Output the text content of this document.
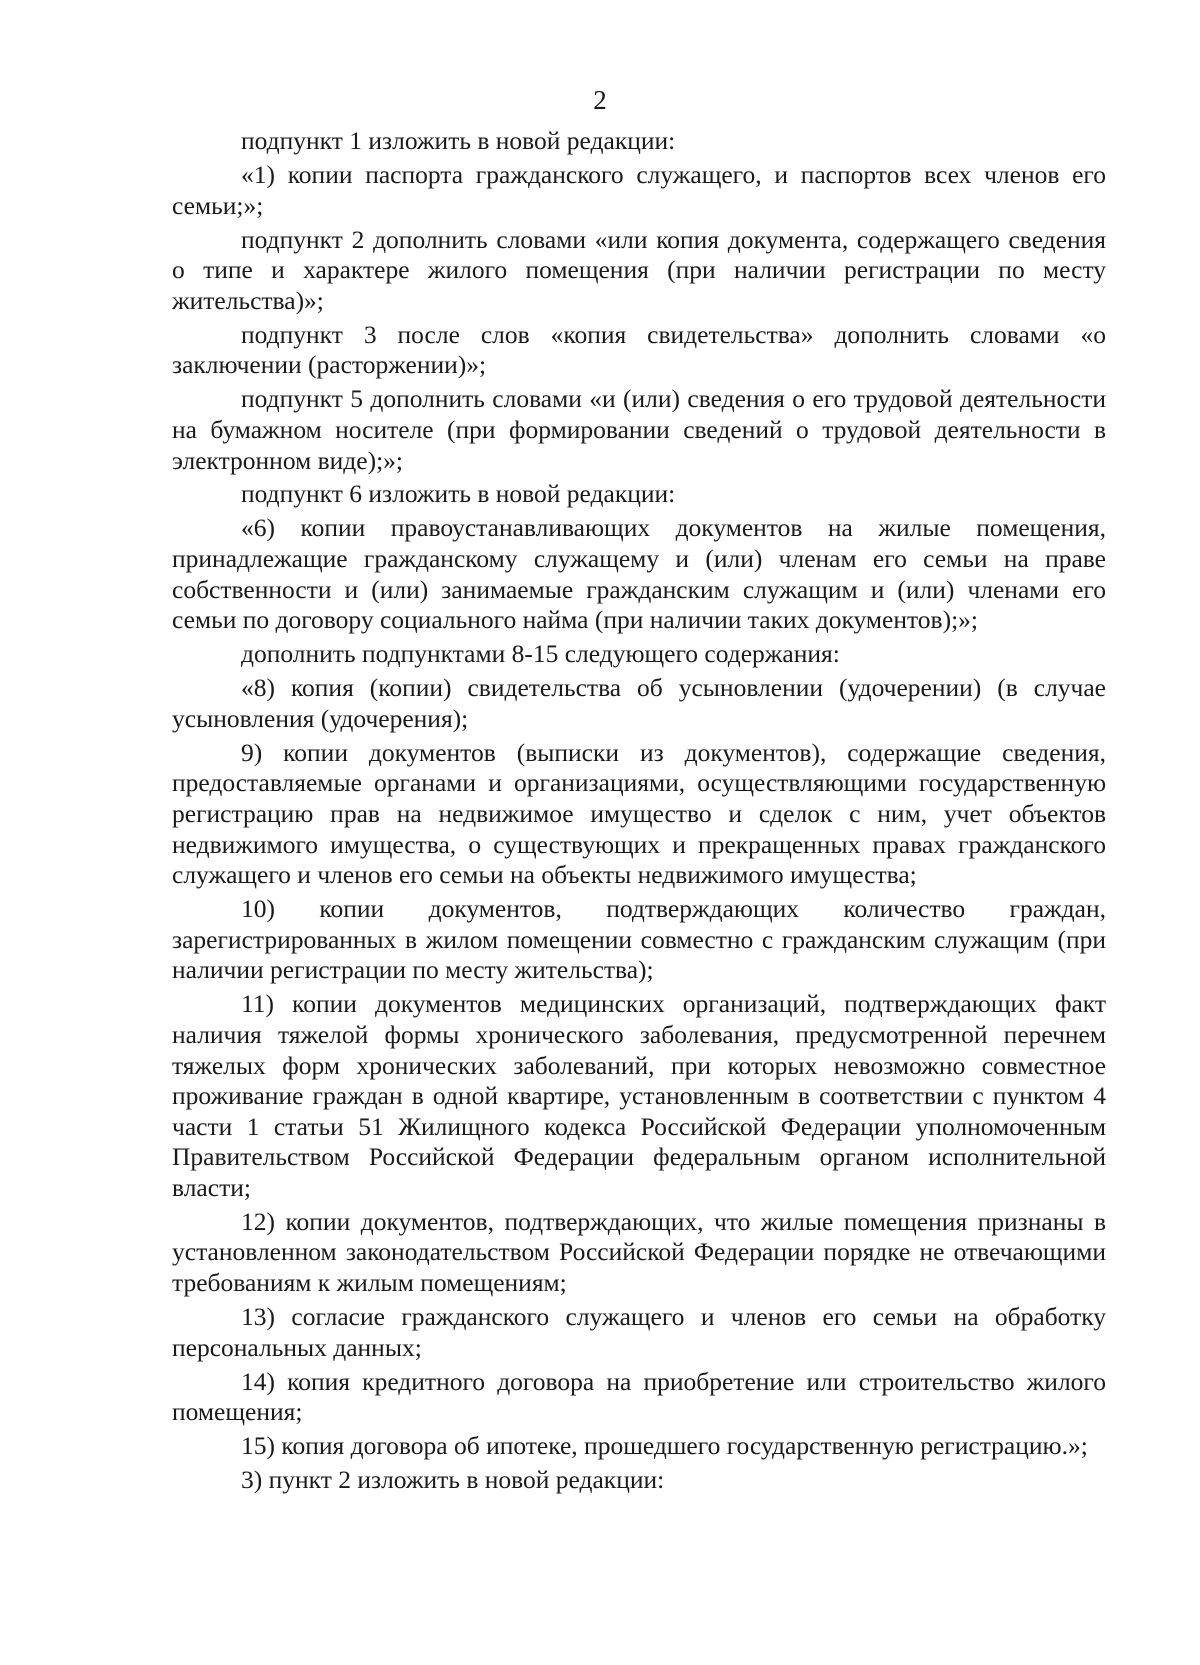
2

подпункт 1 изложить в новой редакции:

«1) копии паспорта гражданского служащего, и паспортов всех членов его семьи;»;

подпункт 2 дополнить словами «или копия документа, содержащего сведения о типе и характере жилого помещения (при наличии регистрации по месту жительства)»;

подпункт 3 после слов «копия свидетельства» дополнить словами «о заключении (расторжении)»;

подпункт 5 дополнить словами «и (или) сведения о его трудовой деятельности на бумажном носителе (при формировании сведений о трудовой деятельности в электронном виде);»;

подпункт 6 изложить в новой редакции:

«6) копии правоустанавливающих документов на жилые помещения, принадлежащие гражданскому служащему и (или) членам его семьи на праве собственности и (или) занимаемые гражданским служащим и (или) членами его семьи по договору социального найма (при наличии таких документов);»;

дополнить подпунктами 8-15 следующего содержания:

«8) копия (копии) свидетельства об усыновлении (удочерении) (в случае усыновления (удочерения);

9) копии документов (выписки из документов), содержащие сведения, предоставляемые органами и организациями, осуществляющими государственную регистрацию прав на недвижимое имущество и сделок с ним, учет объектов недвижимого имущества, о существующих и прекращенных правах гражданского служащего и членов его семьи на объекты недвижимого имущества;

10) копии документов, подтверждающих количество граждан, зарегистрированных в жилом помещении совместно с гражданским служащим (при наличии регистрации по месту жительства);

11) копии документов медицинских организаций, подтверждающих факт наличия тяжелой формы хронического заболевания, предусмотренной перечнем тяжелых форм хронических заболеваний, при которых невозможно совместное проживание граждан в одной квартире, установленным в соответствии с пунктом 4 части 1 статьи 51 Жилищного кодекса Российской Федерации уполномоченным Правительством Российской Федерации федеральным органом исполнительной власти;

12) копии документов, подтверждающих, что жилые помещения признаны в установленном законодательством Российской Федерации порядке не отвечающими требованиям к жилым помещениям;

13) согласие гражданского служащего и членов его семьи на обработку персональных данных;

14) копия кредитного договора на приобретение или строительство жилого помещения;

15) копия договора об ипотеке, прошедшего государственную регистрацию.»;

3) пункт 2 изложить в новой редакции:
